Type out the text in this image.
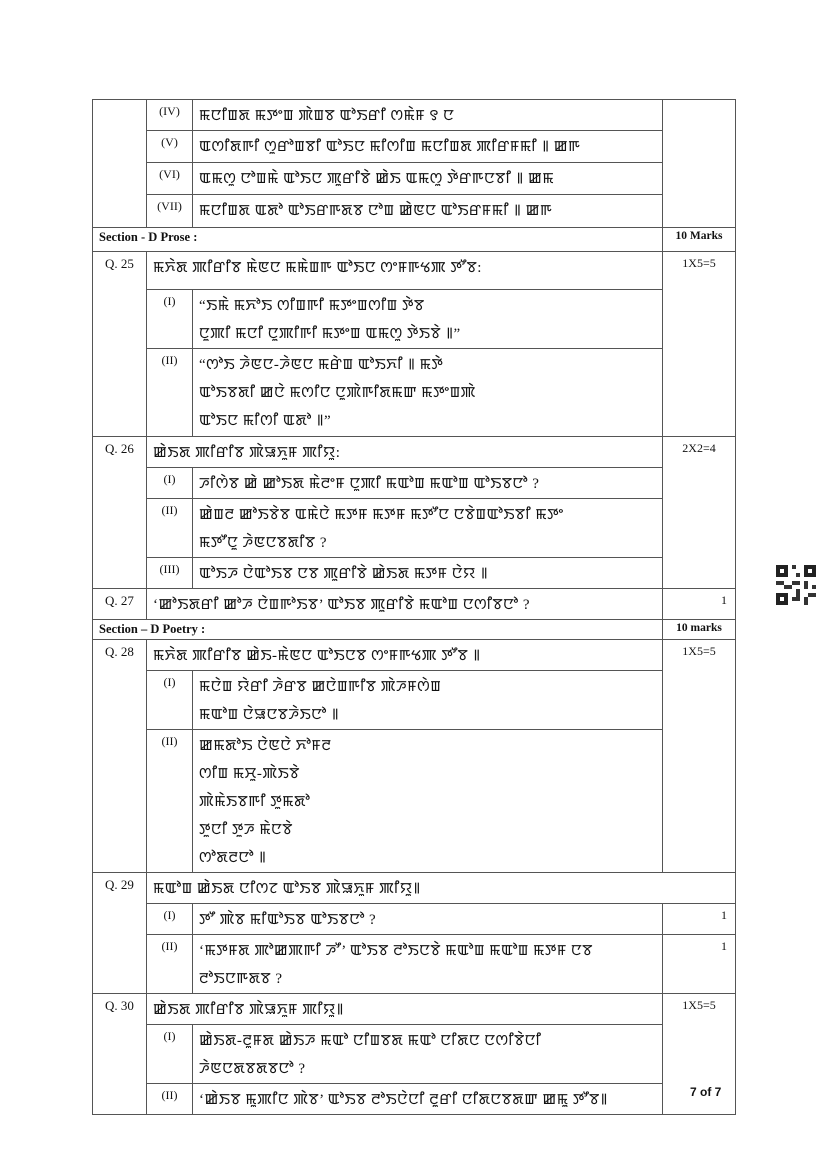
	(IV)	ꯃꯅꯤꯡꯗ ꯃꯇꯦꯡ ꯄꯥꯡꯕ ꯑꯣꯏꯔꯤ ꯁꯃꯥꯝ ꯱ ꯅ	
	(V)	ꯑꯁꯤꯗꯒꯤ ꯁꯨꯔꯣꯡꯕꯤ ꯑꯣꯏꯅ ꯃꯤꯁꯤꯡ ꯃꯅꯤꯡꯗ ꯄꯤꯔꯝꯃꯤ ꯫ ꯀꯒ	
	(VI)	ꯑꯃꯁꯨ ꯅꯣꯡꯃꯥ ꯑꯣꯏꯅ ꯄꯨꯔꯤꯕꯥ ꯀꯥꯏ ꯑꯃꯁꯨ ꯇꯥꯔꯒꯅꯕꯤ ꯫ ꯀꯃ	
	(VII)	ꯃꯅꯤꯡꯗ ꯑꯗꯣ ꯑꯣꯏꯔꯒꯗꯕ ꯅꯣꯡ ꯀꯥꯟꯅ ꯑꯣꯏꯔꯝꯃꯤ ꯫ ꯀꯒ	
Section - D Prose :			10 Marks
Q. 25	ꯃꯈꯥꯗ ꯄꯤꯔꯤꯕ ꯃꯥꯟꯅ ꯃꯃꯥꯡꯒ ꯑꯣꯏꯅ ꯁꯦꯝꯒꯠꯄ ꯇꯧꯕ:		1X5=5
	(I)	“ꯏꯃꯥ ꯃꯈꯣꯏ ꯁꯤꯡꯒꯤ ꯃꯇꯦꯡꯁꯤꯡ ꯇꯥꯕ
ꯅꯨꯄꯤ ꯃꯅꯤ ꯅꯨꯄꯤꯒꯤ ꯃꯇꯦꯡ ꯑꯃꯁꯨ ꯇꯥꯏꯕꯥ ꯫”	

	(II)	“ꯁꯣꯏ ꯍꯥꯟꯅ-ꯍꯥꯟꯅ ꯃꯔꯥꯡ ꯑꯣꯏꯈꯤ ꯫ ꯃꯇꯥ
ꯑꯣꯏꯕꯗꯤ ꯀꯅꯥ ꯃꯁꯤꯅ ꯅꯨꯄꯥꯒꯤꯗꯃꯛ ꯃꯇꯦꯡꯄꯥ
ꯑꯣꯏꯅ ꯃꯤꯁꯤ ꯑꯗꯣ ꯫”	

Q. 26	ꯀꯥꯏꯗ ꯄꯤꯔꯤꯕ ꯄꯥꯎꯈꯨꯝ ꯄꯤꯌꯨ:		2X2=4
	(I)	ꯍꯤꯁꯥꯕ ꯀꯥ ꯀꯣꯏꯗ ꯃꯥꯂꯦꯝ ꯅꯨꯄꯤ ꯃꯑꯣꯡ ꯃꯑꯣꯡ ꯑꯣꯏꯕꯅꯣ ?	
	(II)	ꯀꯥꯡꯂ ꯀꯣꯏꯕꯥꯕ ꯑꯃꯥꯅꯥ ꯃꯇꯝ ꯃꯇꯝ ꯃꯇꯧꯅ ꯅꯕꯥꯡꯑꯣꯏꯕꯤ ꯃꯇꯦ
ꯃꯇꯧꯅꯨ ꯍꯥꯟꯅꯕꯗꯤꯕ ?	

	(III)	ꯑꯣꯏꯍ ꯅꯥꯑꯣꯏꯕ ꯅꯕ ꯄꯨꯔꯤꯕꯥ ꯀꯥꯏꯗ ꯃꯇꯝ ꯅꯥꯌ ꯫	
Q. 27	‘ꯀꯣꯏꯗꯔꯤ ꯀꯣꯍ ꯅꯥꯡꯒꯣꯏꯕ’ ꯑꯣꯏꯕ ꯄꯨꯔꯤꯕꯥ ꯃꯑꯣꯡ ꯅꯁꯤꯕꯅꯣ ?		1
Section – D Poetry :			10 marks
Q. 28	ꯃꯈꯥꯗ ꯄꯤꯔꯤꯕ ꯀꯥꯏ-ꯃꯥꯟꯅ ꯑꯣꯏꯅꯕ ꯁꯦꯝꯒꯠꯄ ꯇꯧꯕ ꯫		1X5=5
	(I)	ꯃꯅꯥꯡ ꯌꯥꯔꯤ ꯍꯥꯔꯕ ꯀꯅꯥꯡꯒꯤꯕ ꯄꯥꯍꯝꯁꯥꯡ
ꯃꯑꯣꯡ ꯅꯥꯎꯅꯕꯍꯥꯏꯅꯣ ꯫	

	(II)	ꯀꯃꯗꯣꯏ ꯅꯥꯟꯅꯥ ꯈꯣꯝꯂ
ꯁꯤꯡ ꯃꯆꯨ-ꯄꯥꯏꯕꯥ
ꯄꯥꯃꯥꯏꯕꯒꯤ ꯇꯨꯃꯗꯣ
ꯇꯨꯅꯤ ꯇꯨꯍ ꯃꯥꯅꯕꯥ
ꯁꯣꯗꯂꯅꯣ ꯫	

Q. 29	ꯃꯑꯣꯡ ꯀꯥꯏꯗ ꯅꯤꯁꯖ ꯑꯣꯏꯕ ꯄꯥꯎꯈꯨꯝ ꯄꯤꯌꯨ꯫		
	(I)	ꯇꯧ ꯄꯥꯕ ꯃꯤꯑꯣꯏꯕ ꯑꯣꯏꯕꯅꯣ ?	1
	(II)	‘ꯃꯇꯝꯗ ꯄꯣꯀꯄꯒꯤ ꯍꯧ’ ꯑꯣꯏꯕ ꯂꯣꯏꯅꯕꯥ ꯃꯑꯣꯡ ꯃꯑꯣꯡ ꯃꯇꯝ ꯅꯕ ꯂꯣꯏꯅꯒꯗꯕ ?	1
Q. 30	ꯀꯥꯏꯗ ꯄꯤꯔꯤꯕ ꯄꯥꯎꯈꯨꯝ ꯄꯤꯌꯨ꯫		1X5=5
	(I)	ꯀꯥꯏꯗ-ꯂꯨꯝꯗ ꯀꯥꯏꯍ ꯃꯑꯣ ꯅꯤꯡꯕꯗ ꯃꯑꯣ ꯅꯤꯗꯅ ꯅꯁꯤꯕꯥꯅꯤ
ꯍꯥꯟꯅꯗꯕꯗꯕꯅꯣ ?	

	(II)	‘ꯀꯥꯏꯕ ꯃꯨꯄꯤꯅ ꯄꯥꯕ’ ꯑꯣꯏꯕ ꯂꯣꯏꯅꯥꯅꯤ ꯂꯨꯔꯤ ꯅꯤꯗꯅꯕꯗꯛ ꯀꯃꯨ ꯇꯧꯕ꯫		7 of 7
